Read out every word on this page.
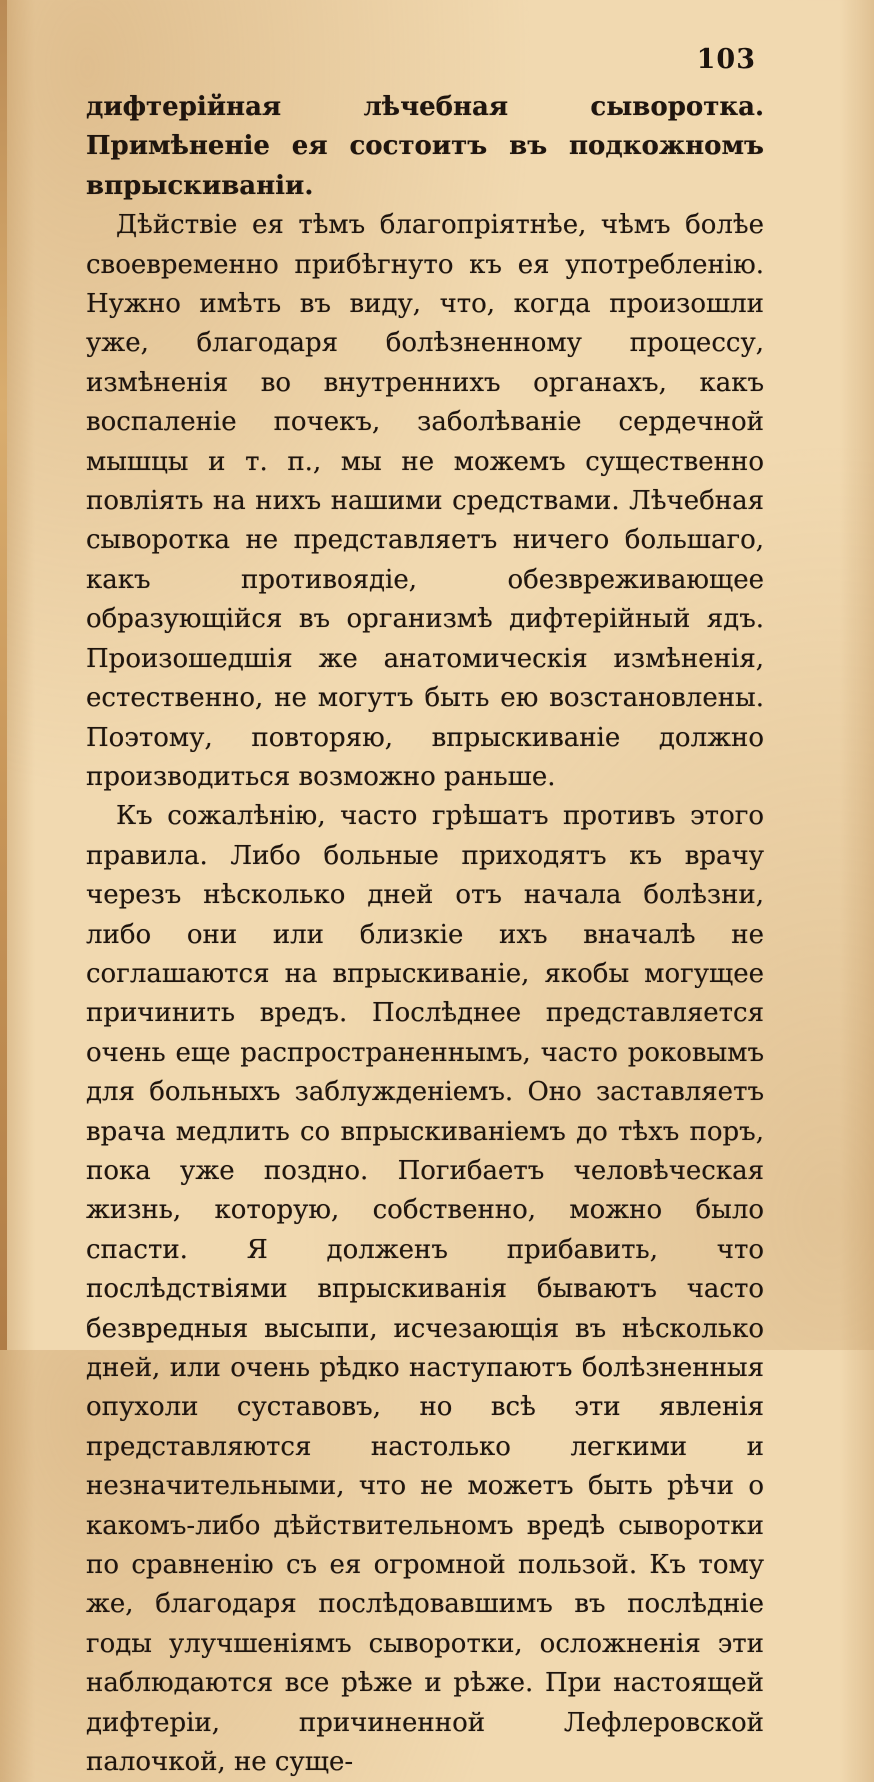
103

дифтерійная лѣчебная сыворотка. Примѣненіе ея состоитъ въ подкожномъ впрыскиваніи.

Дѣйствіе ея тѣмъ благопріятнѣе, чѣмъ болѣе своевременно прибѣгнуто къ ея употребленію. Нужно имѣть въ виду, что, когда произошли уже, благодаря болѣзненному процессу, измѣненія во внутреннихъ органахъ, какъ воспаленіе почекъ, заболѣваніе сердечной мышцы и т. п., мы не можемъ существенно повліять на нихъ нашими средствами. Лѣчебная сыворотка не представляетъ ничего большаго, какъ противоядіе, обезвреживающее образующійся въ организмѣ дифтерійный ядъ. Произошедшія же анатомическія измѣненія, естественно, не могутъ быть ею возстановлены. Поэтому, повторяю, впрыскиваніе должно производиться возможно раньше.

Къ сожалѣнію, часто грѣшатъ противъ этого правила. Либо больные приходятъ къ врачу черезъ нѣсколько дней отъ начала болѣзни, либо они или близкіе ихъ вначалѣ не соглашаются на впрыскиваніе, якобы могущее причинить вредъ. Послѣднее представляется очень еще распространеннымъ, часто роковымъ для больныхъ заблужденіемъ. Оно заставляетъ врача медлить со впрыскиваніемъ до тѣхъ поръ, пока уже поздно. Погибаетъ человѣческая жизнь, которую, собственно, можно было спасти. Я долженъ прибавить, что послѣдствіями впрыскиванія бываютъ часто безвредныя высыпи, исчезающія въ нѣсколько дней, или очень рѣдко наступаютъ болѣзненныя опухоли суставовъ, но всѣ эти явленія представляются настолько легкими и незначительными, что не можетъ быть рѣчи о какомъ-либо дѣйствительномъ вредѣ сыворотки по сравненію съ ея огромной пользой. Къ тому же, благодаря послѣдовавшимъ въ послѣдніе годы улучшеніямъ сыворотки, осложненія эти наблюдаются все рѣже и рѣже. При настоящей дифтеріи, причиненной Лефлеровской палочкой, не суще-
